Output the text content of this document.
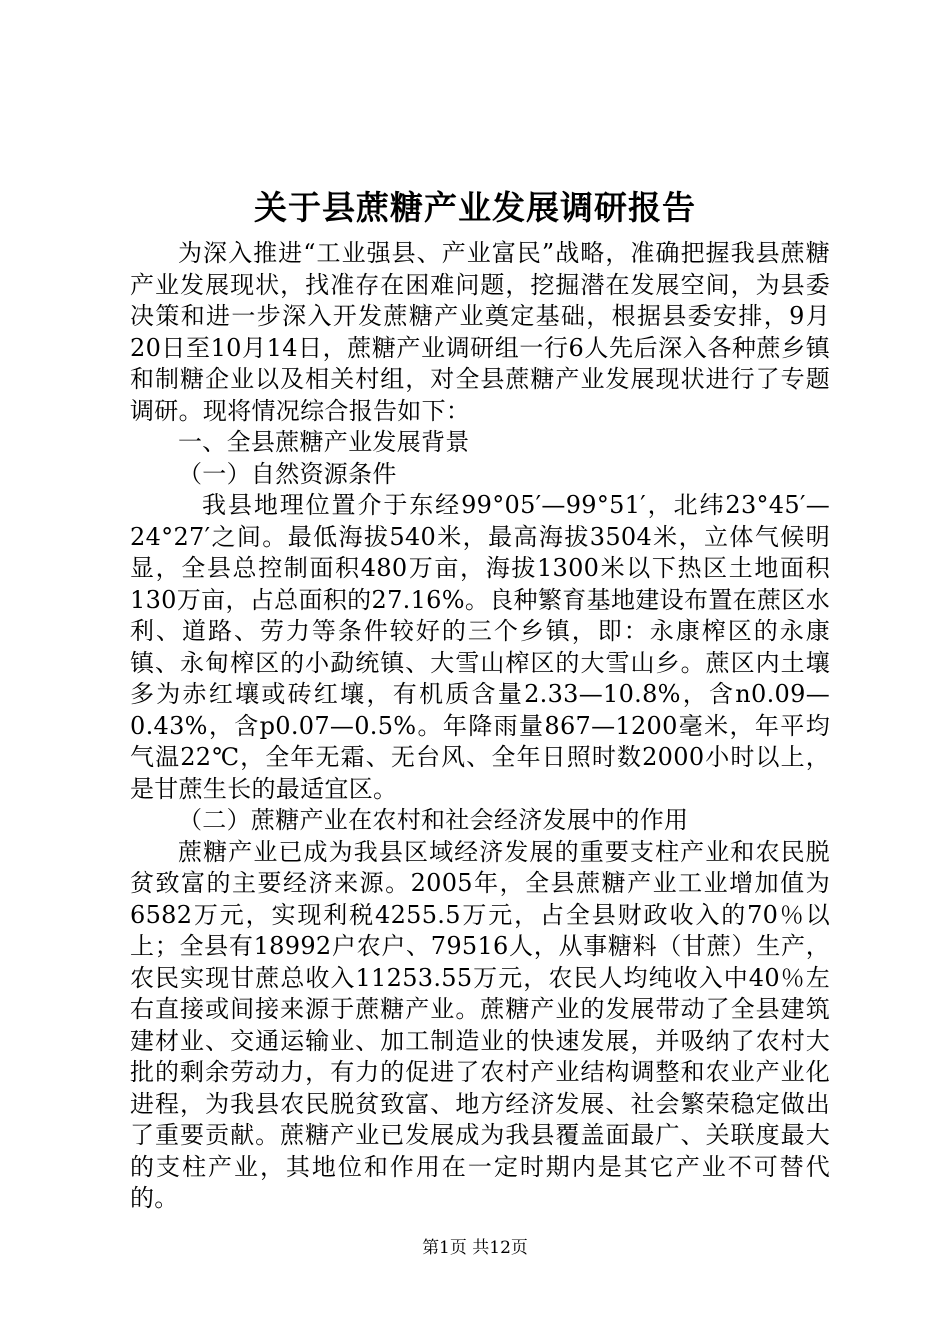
关于县蔗糖产业发展调研报告

为深入推进“工业强县、产业富民”战略，准确把握我县蔗糖产业发展现状，找准存在困难问题，挖掘潜在发展空间，为县委决策和进一步深入开发蔗糖产业奠定基础，根据县委安排，9月20日至10月14日，蔗糖产业调研组一行6人先后深入各种蔗乡镇和制糖企业以及相关村组，对全县蔗糖产业发展现状进行了专题调研。现将情况综合报告如下：

一、全县蔗糖产业发展背景

（一）自然资源条件

我县地理位置介于东经99°05′—99°51′，北纬23°45′—24°27′之间。最低海拔540米，最高海拔3504米，立体气候明显，全县总控制面积480万亩，海拔1300米以下热区土地面积130万亩，占总面积的27.16%。良种繁育基地建设布置在蔗区水利、道路、劳力等条件较好的三个乡镇，即：永康榨区的永康镇、永甸榨区的小勐统镇、大雪山榨区的大雪山乡。蔗区内土壤多为赤红壤或砖红壤，有机质含量2.33—10.8%，含n0.09—0.43%，含p0.07—0.5%。年降雨量867—1200毫米，年平均气温22℃，全年无霜、无台风、全年日照时数2000小时以上，是甘蔗生长的最适宜区。

（二）蔗糖产业在农村和社会经济发展中的作用

蔗糖产业已成为我县区域经济发展的重要支柱产业和农民脱贫致富的主要经济来源。2005年，全县蔗糖产业工业增加值为6582万元，实现利税4255.5万元，占全县财政收入的70％以上；全县有18992户农户、79516人，从事糖料（甘蔗）生产，农民实现甘蔗总收入11253.55万元，农民人均纯收入中40％左右直接或间接来源于蔗糖产业。蔗糖产业的发展带动了全县建筑建材业、交通运输业、加工制造业的快速发展，并吸纳了农村大批的剩余劳动力，有力的促进了农村产业结构调整和农业产业化进程，为我县农民脱贫致富、地方经济发展、社会繁荣稳定做出了重要贡献。蔗糖产业已发展成为我县覆盖面最广、关联度最大的支柱产业，其地位和作用在一定时期内是其它产业不可替代的。

第1页 共12页
